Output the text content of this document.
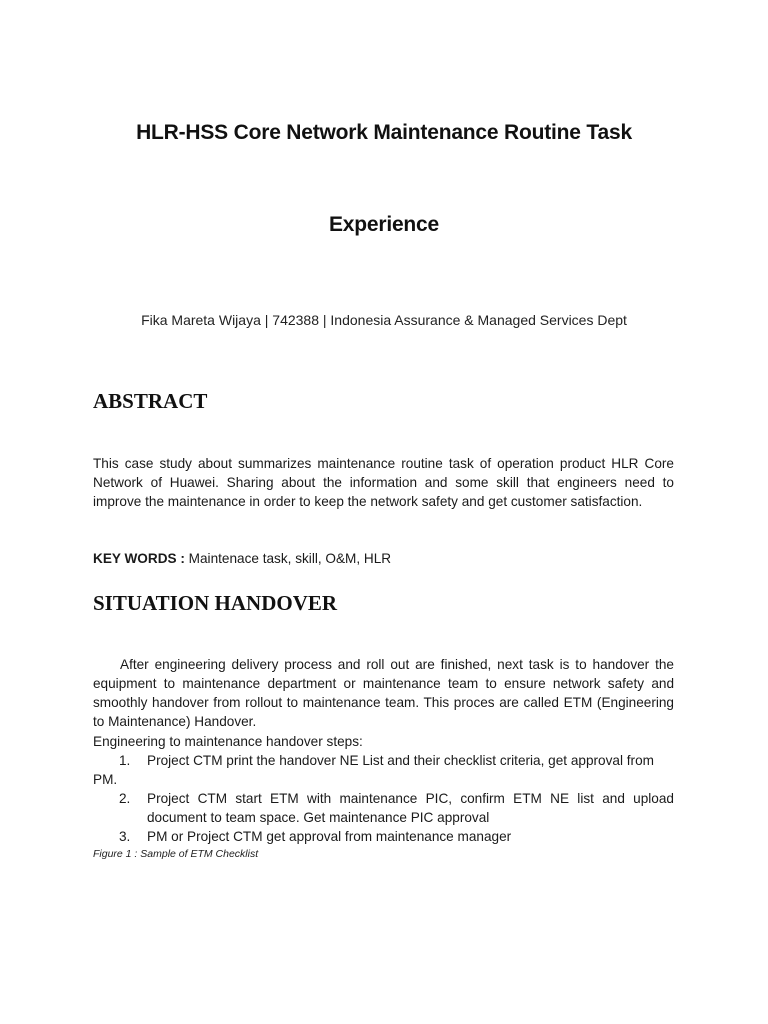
HLR-HSS Core Network Maintenance Routine Task
Experience

Fika Mareta Wijaya | 742388 | Indonesia Assurance & Managed Services Dept

ABSTRACT

This case study about summarizes maintenance routine task of operation product HLR Core Network of Huawei. Sharing about the information and some skill that engineers need to improve the maintenance in order to keep the network safety and get customer satisfaction.

KEY WORDS : Maintenace task, skill, O&M, HLR

SITUATION HANDOVER

After engineering delivery process and roll out are finished, next task is to handover the equipment to maintenance department or maintenance team to ensure network safety and smoothly handover from rollout to maintenance team. This proces are called ETM (Engineering to Maintenance) Handover.

Engineering to maintenance handover steps:

1. Project CTM print the handover NE List and their checklist criteria, get approval from
PM.
2. Project CTM start ETM with maintenance PIC, confirm ETM NE list and upload document to team space. Get maintenance PIC approval
3. PM or Project CTM get approval from maintenance manager

Figure 1 : Sample of ETM Checklist
